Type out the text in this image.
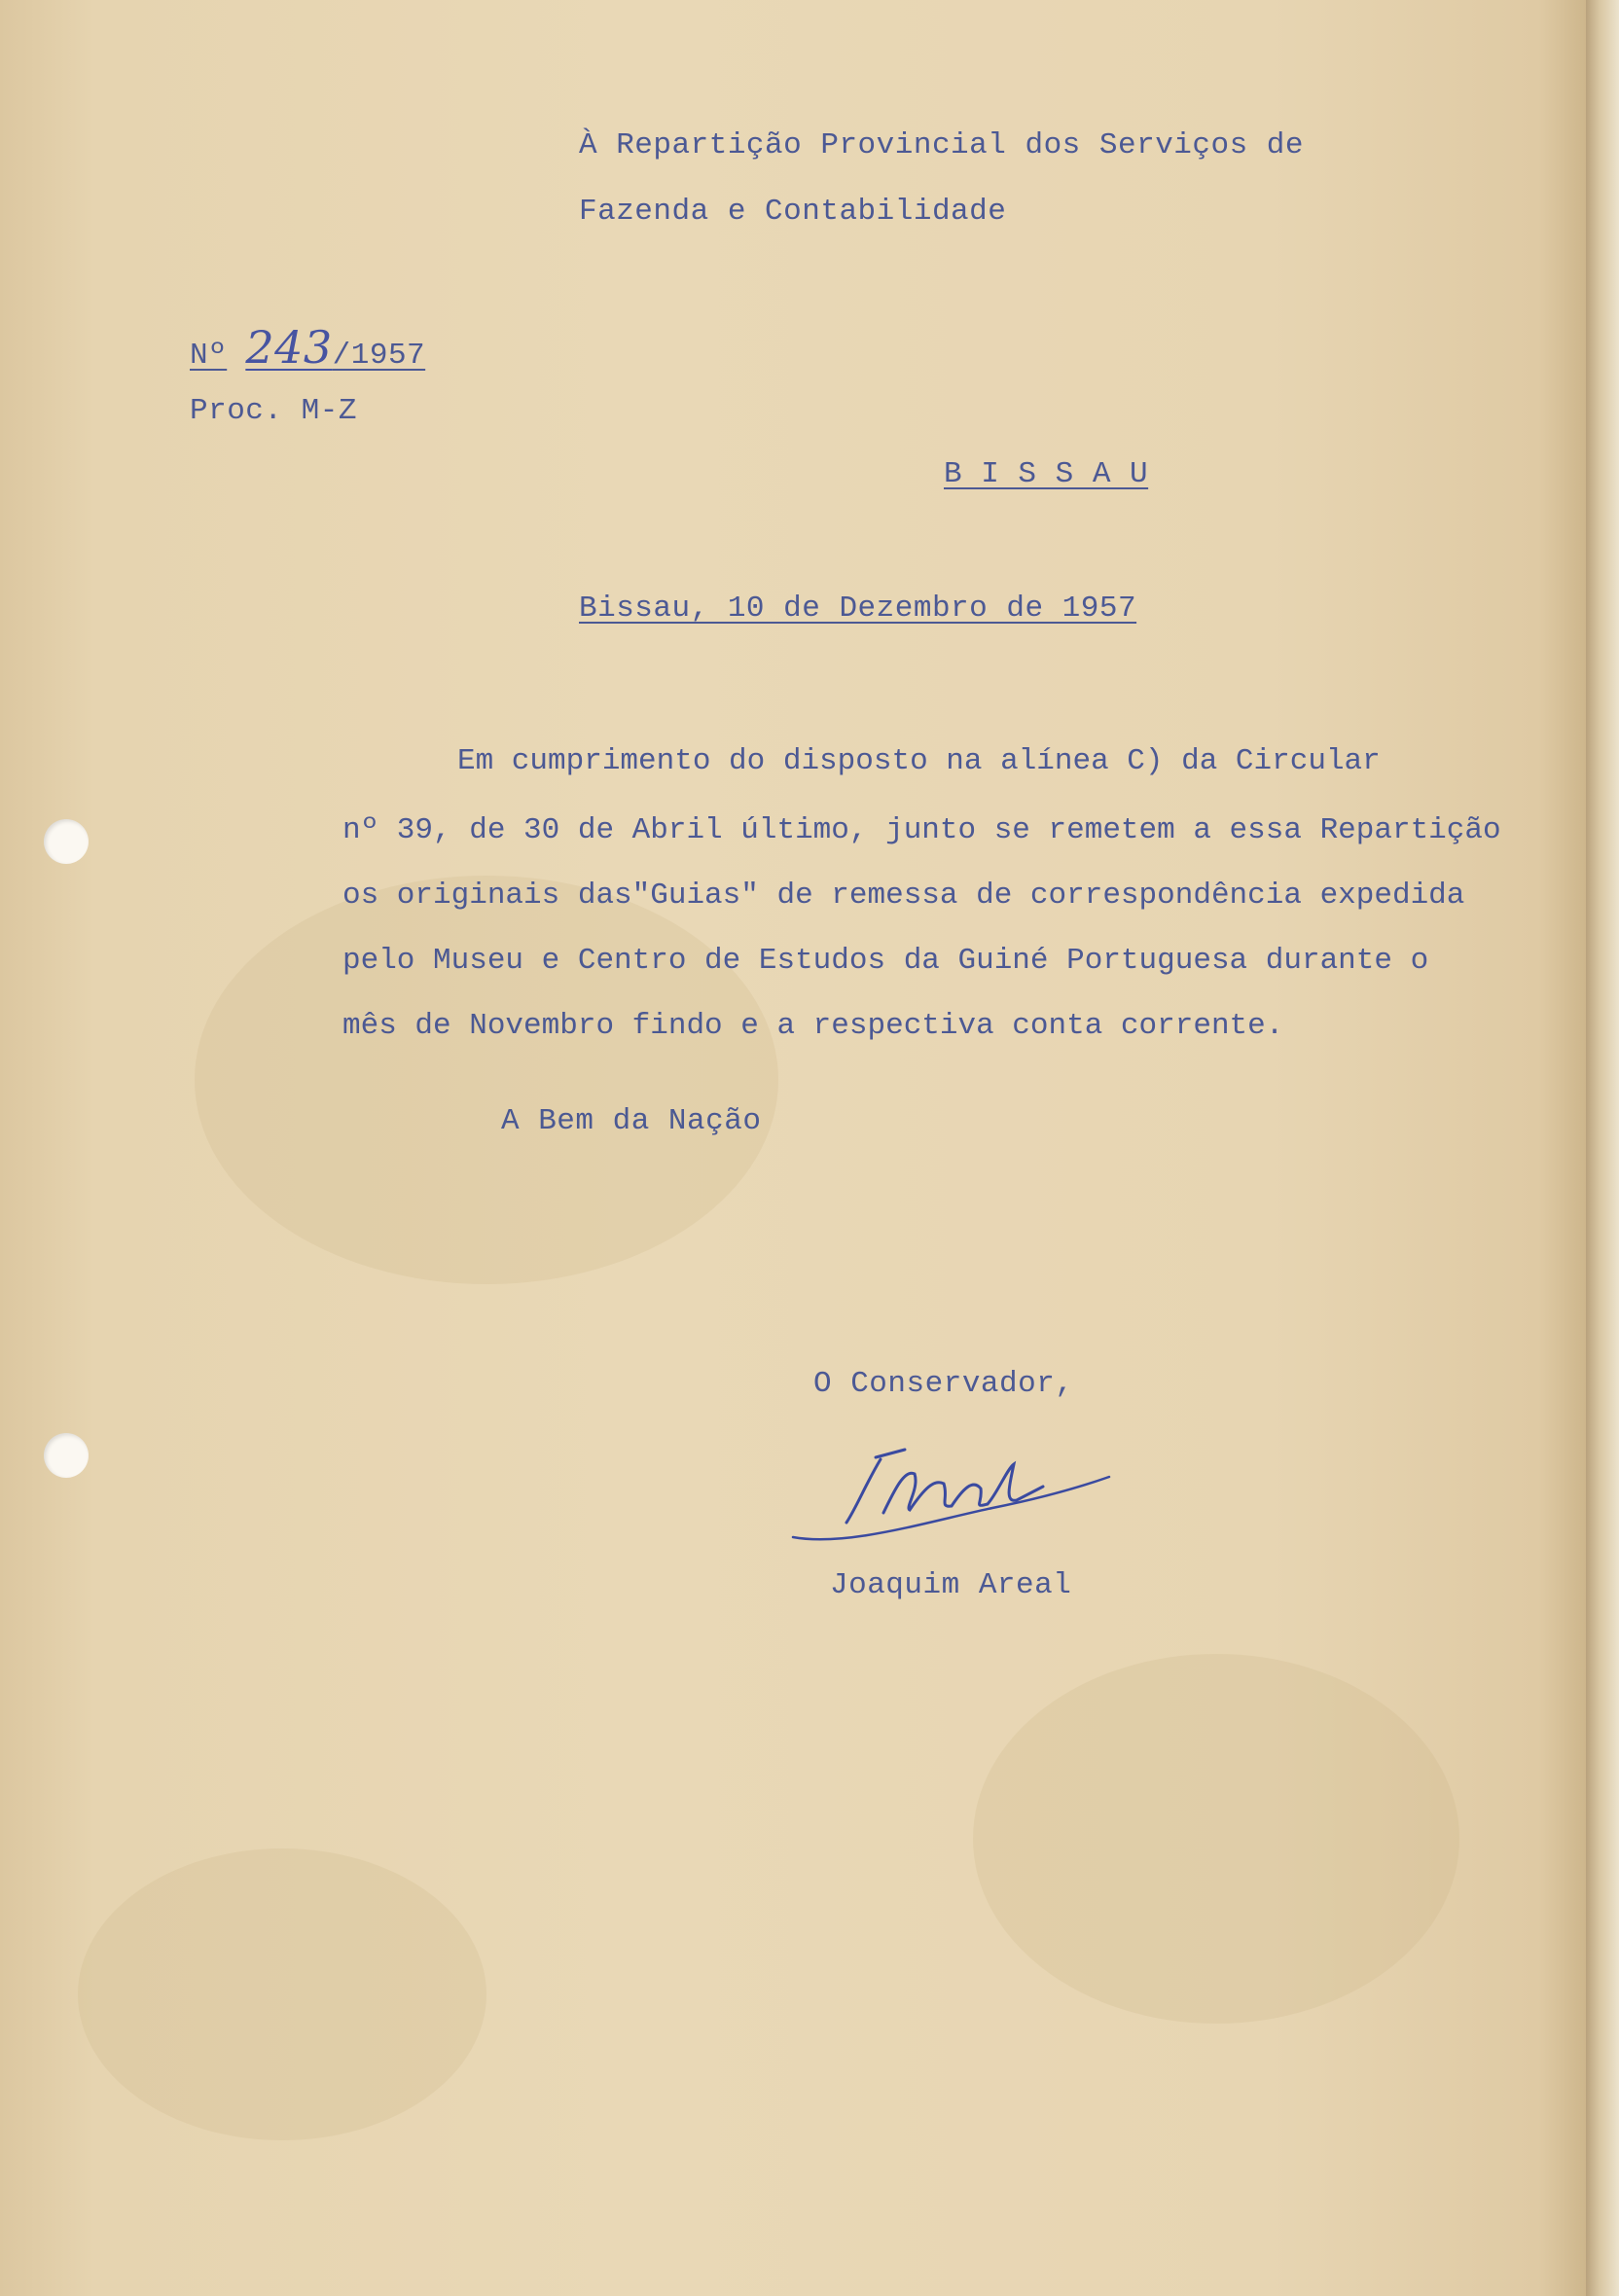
À Repartição Provincial dos Serviços de
Fazenda e Contabilidade
Nº 243/1957
Proc. M-Z
B I S S A U
Bissau, 10 de Dezembro de 1957
Em cumprimento do disposto na alínea C) da Circular
nº 39, de 30 de Abril último, junto se remetem a essa Repartição
os originais das"Guias" de remessa de correspondência expedida
pelo Museu e Centro de Estudos da Guiné Portuguesa durante o
mês de Novembro findo e a respectiva conta corrente.
A Bem da Nação
O Conservador,
Joaquim Areal
